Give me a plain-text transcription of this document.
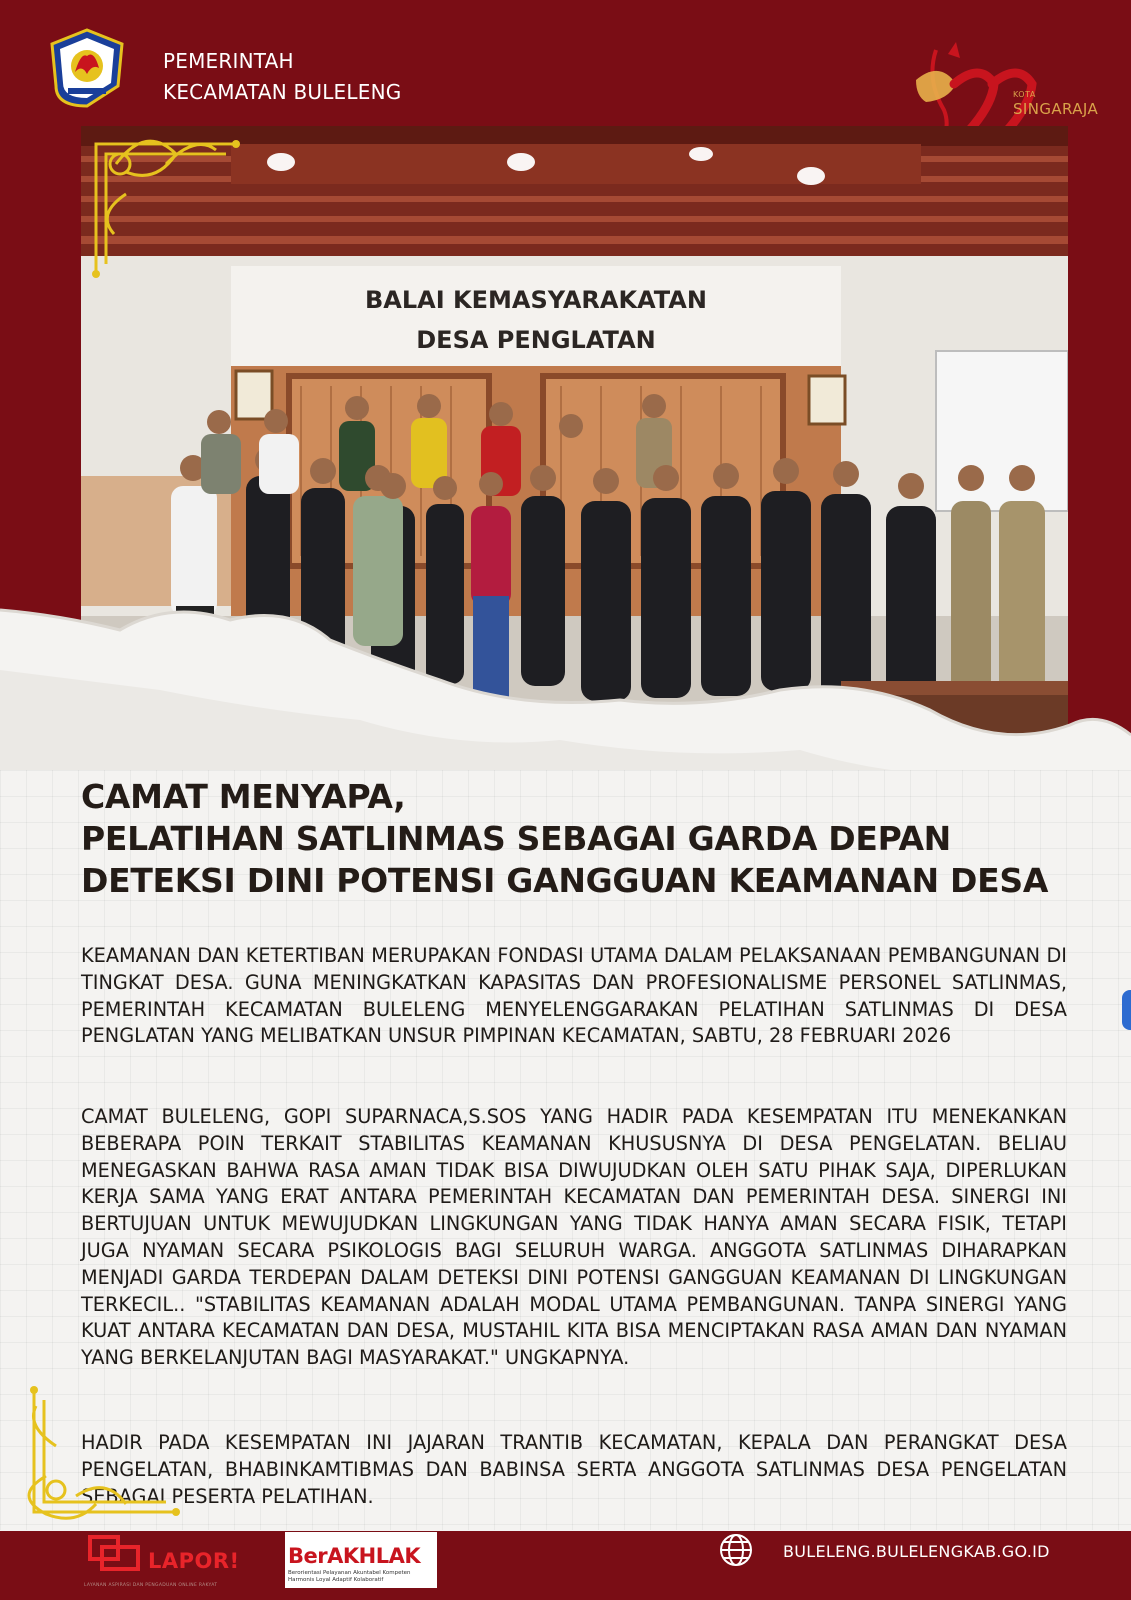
PEMERINTAH
KECAMATAN BULELENG	KOTA
SINGARAJA
BALAI KEMASYARAKATAN
DESA PENGLATAN
CAMAT MENYAPA,
PELATIHAN SATLINMAS SEBAGAI GARDA DEPAN
DETEKSI DINI POTENSI GANGGUAN KEAMANAN DESA

KEAMANAN DAN KETERTIBAN MERUPAKAN FONDASI UTAMA DALAM PELAKSANAAN PEMBANGUNAN DI TINGKAT DESA. GUNA MENINGKATKAN KAPASITAS DAN PROFESIONALISME PERSONEL SATLINMAS, PEMERINTAH KECAMATAN BULELENG MENYELENGGARAKAN PELATIHAN SATLINMAS DI DESA PENGLATAN YANG MELIBATKAN UNSUR PIMPINAN KECAMATAN, SABTU, 28 FEBRUARI 2026

CAMAT BULELENG, GOPI SUPARNACA,S.SOS YANG HADIR PADA KESEMPATAN ITU MENEKANKAN BEBERAPA POIN TERKAIT STABILITAS KEAMANAN KHUSUSNYA DI DESA PENGELATAN. BELIAU MENEGASKAN BAHWA RASA AMAN TIDAK BISA DIWUJUDKAN OLEH SATU PIHAK SAJA, DIPERLUKAN KERJA SAMA YANG ERAT ANTARA PEMERINTAH KECAMATAN DAN PEMERINTAH DESA. SINERGI INI BERTUJUAN UNTUK MEWUJUDKAN LINGKUNGAN YANG TIDAK HANYA AMAN SECARA FISIK, TETAPI JUGA NYAMAN SECARA PSIKOLOGIS BAGI SELURUH WARGA. ANGGOTA SATLINMAS DIHARAPKAN MENJADI GARDA TERDEPAN DALAM DETEKSI DINI POTENSI GANGGUAN KEAMANAN DI LINGKUNGAN TERKECIL.. "STABILITAS KEAMANAN ADALAH MODAL UTAMA PEMBANGUNAN. TANPA SINERGI YANG KUAT ANTARA KECAMATAN DAN DESA, MUSTAHIL KITA BISA MENCIPTAKAN RASA AMAN DAN NYAMAN YANG BERKELANJUTAN BAGI MASYARAKAT." UNGKAPNYA.

HADIR PADA KESEMPATAN INI JAJARAN TRANTIB KECAMATAN, KEPALA DAN PERANGKAT DESA PENGELATAN, BHABINKAMTIBMAS DAN BABINSA SERTA ANGGOTA SATLINMAS DESA PENGELATAN SEBAGAI PESERTA PELATIHAN.

LAPOR!
LAYANAN ASPIRASI DAN PENGADUAN ONLINE RAKYAT
BerAKHLAK
Berorientasi Pelayanan Akuntabel Kompeten Harmonis Loyal Adaptif Kolaboratif
BULELENG.BULELENGKAB.GO.ID
